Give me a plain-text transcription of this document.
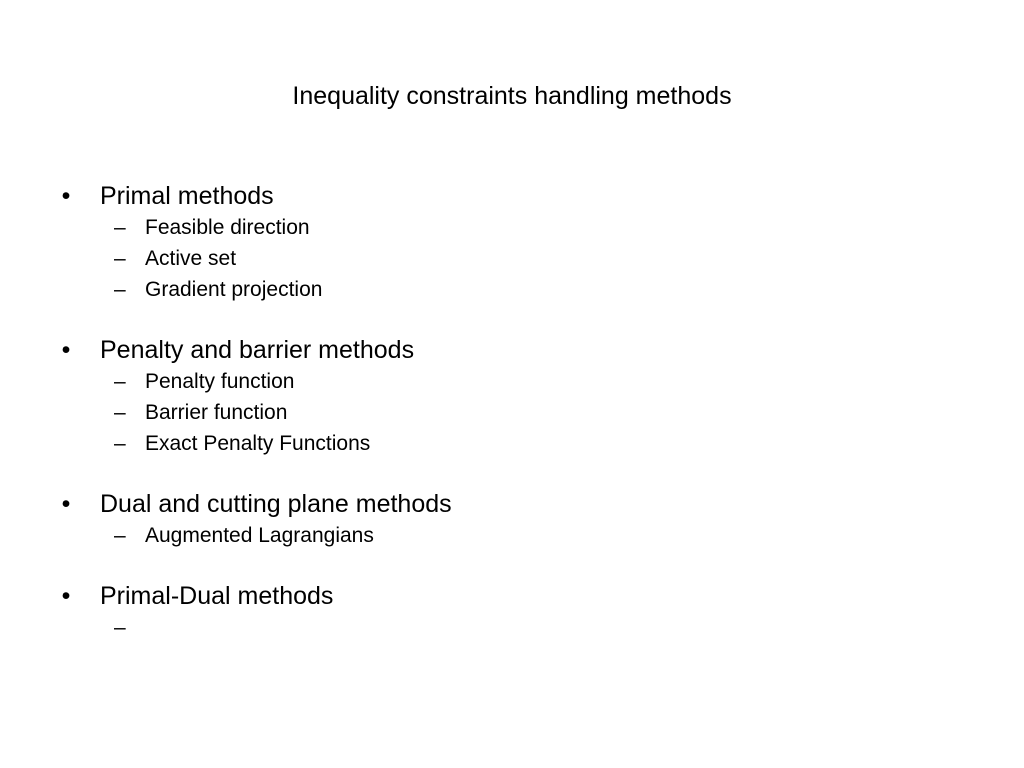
Inequality constraints handling methods
• Primal methods
– Feasible direction
– Active set
– Gradient projection
• Penalty and barrier methods
– Penalty function
– Barrier function
– Exact Penalty Functions
• Dual and cutting plane methods
– Augmented Lagrangians
• Primal-Dual methods
–
